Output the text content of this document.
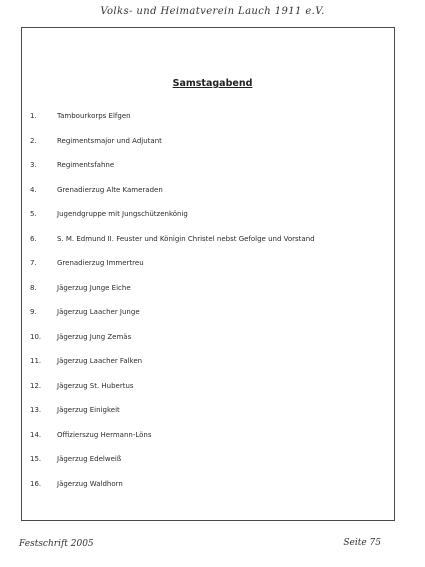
Volks- und Heimatverein Lauch 1911 e.V.
Samstagabend
1.	Tambourkorps Elfgen
2.	Regimentsmajor und Adjutant
3.	Regimentsfahne
4.	Grenadierzug Alte Kameraden
5.	Jugendgruppe mit Jungschützenkönig
6.	S. M. Edmund II. Feuster und Königin Christel nebst Gefolge und Vorstand
7.	Grenadierzug Immertreu
8.	Jägerzug Junge Eiche
9.	Jägerzug Laacher Junge
10.	Jägerzug Jung Zemäs
11.	Jägerzug Laacher Falken
12.	Jägerzug St. Hubertus
13.	Jägerzug Einigkeit
14.	Offizierszug Hermann-Löns
15.	Jägerzug Edelweiß
16.	Jägerzug Waldhorn
Festschrift 2005	Seite 75
